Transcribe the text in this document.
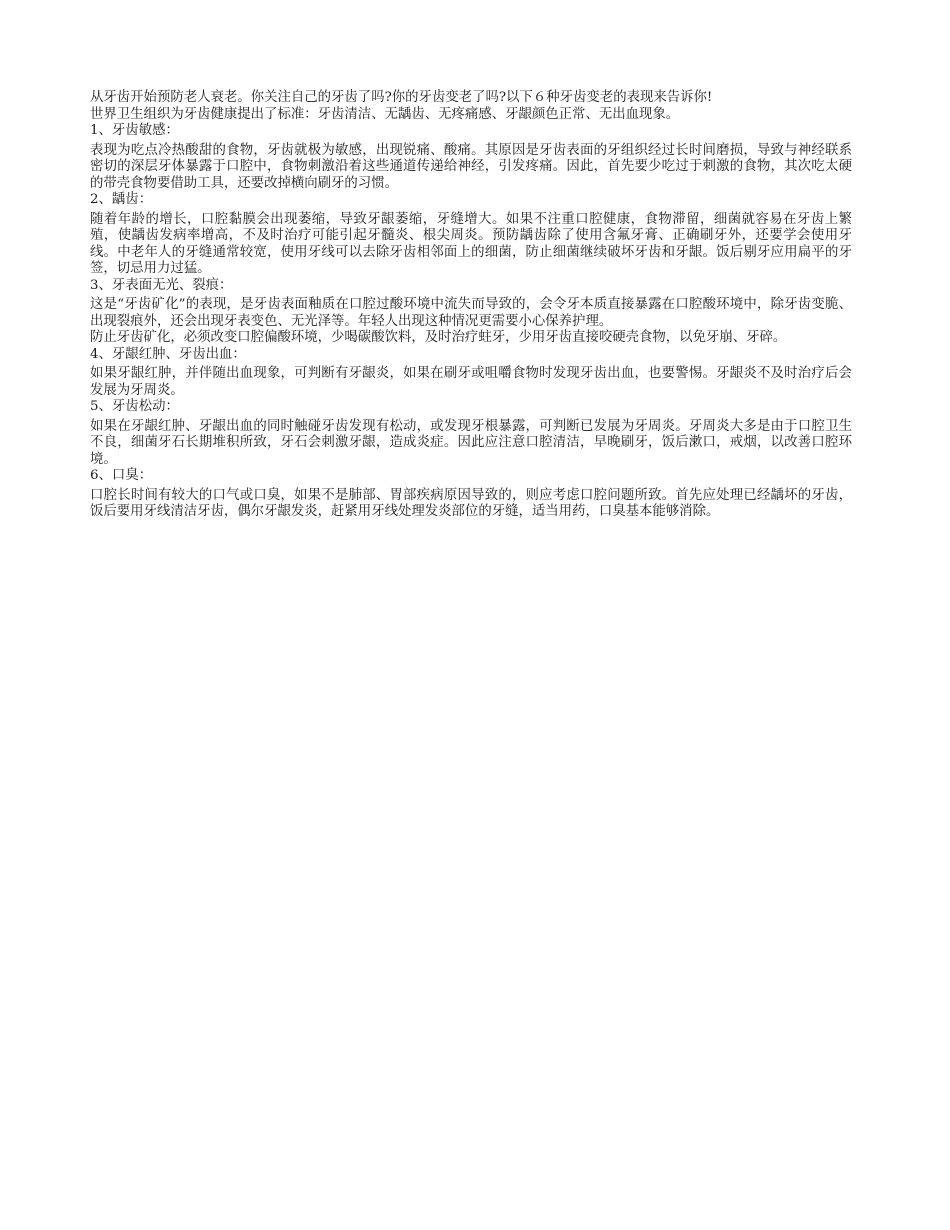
从牙齿开始预防老人衰老。你关注自己的牙齿了吗?你的牙齿变老了吗?以下６种牙齿变老的表现来告诉你!

世界卫生组织为牙齿健康提出了标准：牙齿清洁、无龋齿、无疼痛感、牙龈颜色正常、无出血现象。

1、牙齿敏感：

表现为吃点冷热酸甜的食物，牙齿就极为敏感，出现锐痛、酸痛。其原因是牙齿表面的牙组织经过长时间磨损，导致与神经联系密切的深层牙体暴露于口腔中，食物刺激沿着这些通道传递给神经，引发疼痛。因此，首先要少吃过于刺激的食物，其次吃太硬的带壳食物要借助工具，还要改掉横向刷牙的习惯。

2、龋齿：

随着年龄的增长，口腔黏膜会出现萎缩，导致牙龈萎缩，牙缝增大。如果不注重口腔健康，食物滞留，细菌就容易在牙齿上繁殖，使龋齿发病率增高，不及时治疗可能引起牙髓炎、根尖周炎。预防龋齿除了使用含氟牙膏、正确刷牙外，还要学会使用牙线。中老年人的牙缝通常较宽，使用牙线可以去除牙齿相邻面上的细菌，防止细菌继续破坏牙齿和牙龈。饭后剔牙应用扁平的牙签，切忌用力过猛。

3、牙表面无光、裂痕：

这是“牙齿矿化”的表现，是牙齿表面釉质在口腔过酸环境中流失而导致的，会令牙本质直接暴露在口腔酸环境中，除牙齿变脆、出现裂痕外，还会出现牙表变色、无光泽等。年轻人出现这种情况更需要小心保养护理。

防止牙齿矿化，必须改变口腔偏酸环境，少喝碳酸饮料，及时治疗蛀牙，少用牙齿直接咬硬壳食物，以免牙崩、牙碎。

4、牙龈红肿、牙齿出血：

如果牙龈红肿，并伴随出血现象，可判断有牙龈炎，如果在刷牙或咀嚼食物时发现牙齿出血，也要警惕。牙龈炎不及时治疗后会发展为牙周炎。

5、牙齿松动：

如果在牙龈红肿、牙龈出血的同时触碰牙齿发现有松动，或发现牙根暴露，可判断已发展为牙周炎。牙周炎大多是由于口腔卫生不良，细菌牙石长期堆积所致，牙石会刺激牙龈，造成炎症。因此应注意口腔清洁，早晚刷牙，饭后漱口，戒烟，以改善口腔环境。

6、口臭：

口腔长时间有较大的口气或口臭，如果不是肺部、胃部疾病原因导致的，则应考虑口腔问题所致。首先应处理已经龋坏的牙齿，饭后要用牙线清洁牙齿，偶尔牙龈发炎，赶紧用牙线处理发炎部位的牙缝，适当用药，口臭基本能够消除。
